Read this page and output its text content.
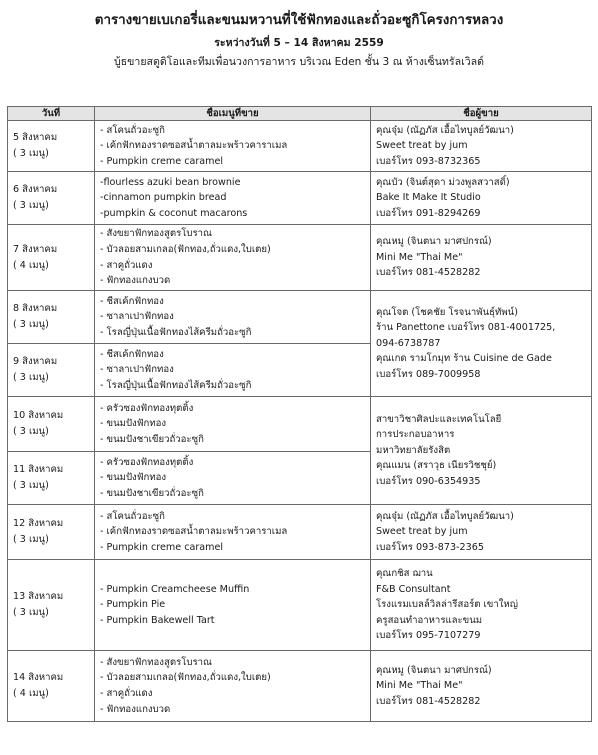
ตารางขายเบเกอรี่และขนมหวานที่ใช้ฟักทองและถั่วอะซูกิโครงการหลวง
ระหว่างวันที่ 5 – 14 สิงหาคม 2559
บู้ธขายสตูดิโอและทีมเพื่อนวงการอาหาร บริเวณ Eden ชั้น 3 ณ ห้างเซ็นทรัลเวิลด์
วันที่	ชื่อเมนูที่ขาย	ชื่อผู้ขาย

5 สิงหาคม
( 3 เมนู)	- สโคนถั่วอะซูกิ
- เค้กฟักทองราดซอสน้ำตาลมะพร้าวคาราเมล
- Pumpkin creme caramel	คุณจุ๋ม (ณัฏภัส เอื้อไทบูลย์วัฒนา)
Sweet treat by jum
เบอร์โทร 093-8732365

6 สิงหาคม
( 3 เมนู)	-flourless azuki bean brownie
-cinnamon pumpkin bread
-pumpkin & coconut macarons	คุณบัว (จินต์สุดา ม่วงพูลสวาสดิ์)
Bake It Make It Studio
เบอร์โทร 091-8294269

7 สิงหาคม
( 4 เมนู)	- สังขยาฟักทองสูตรโบราณ
- บัวลอยสามเกลอ(ฟักทอง,ถั่วแดง,ใบเตย)
- สาคูถั่วแดง
- ฟักทองแกงบวด	คุณหมู (จินตนา มาศปกรณ์)
Mini Me "Thai Me"
เบอร์โทร 081-4528282

8 สิงหาคม
( 3 เมนู)	- ชีสเค้กฟักทอง
- ซาลาเปาฟักทอง
- โรลญี่ปุ่นเนื้อฟักทองไส้ครีมถั่วอะซูกิ	คุณโจต (โชคชัย โรจนาพันธุ์ทัพน์)
ร้าน Panettone เบอร์โทร 081-4001725,
094-6738787
คุณเกด รามโกมุท ร้าน Cuisine de Gade
เบอร์โทร 089-7009958

9 สิงหาคม
( 3 เมนู)	- ชีสเค้กฟักทอง
- ซาลาเปาฟักทอง
- โรลญี่ปุ่นเนื้อฟักทองไส้ครีมถั่วอะซูกิ	

10 สิงหาคม
( 3 เมนู)	- ครัวซองฟักทองทุตติ้ง
- ขนมปังฟักทอง
- ขนมปังชาเขียวถั่วอะซูกิ	สาขาวิชาศิลปะและเทคโนโลยี
การประกอบอาหาร
มหาวิทยาลัยรังสิต
คุณแมน (สราวุธ เนียรวิชชุย์)
เบอร์โทร 090-6354935

11 สิงหาคม
( 3 เมนู)	- ครัวซองฟักทองทุตติ้ง
- ขนมปังฟักทอง
- ขนมปังชาเขียวถั่วอะซูกิ	

12 สิงหาคม
( 3 เมนู)	- สโคนถั่วอะซูกิ
- เค้กฟักทองราดซอสน้ำตาลมะพร้าวคาราเมล
- Pumpkin creme caramel	คุณจุ๋ม (ณัฏภัส เอื้อไทบูลย์วัฒนา)
Sweet treat by jum
เบอร์โทร 093-873-2365

13 สิงหาคม
( 3 เมนู)	- Pumpkin Creamcheese Muffin
- Pumpkin Pie
- Pumpkin Bakewell Tart	คุณกชิส ฌาน
F&B Consultant
โรงแรมเบลล์วิลล่ารีสอร์ต เขาใหญ่
ครูสอนทำอาหารและขนม
เบอร์โทร 095-7107279

14 สิงหาคม
( 4 เมนู)	- สังขยาฟักทองสูตรโบราณ
- บัวลอยสามเกลอ(ฟักทอง,ถั่วแดง,ใบเตย)
- สาคูถั่วแดง
- ฟักทองแกงบวด	คุณหมู (จินตนา มาศปกรณ์)
Mini Me "Thai Me"
เบอร์โทร 081-4528282
